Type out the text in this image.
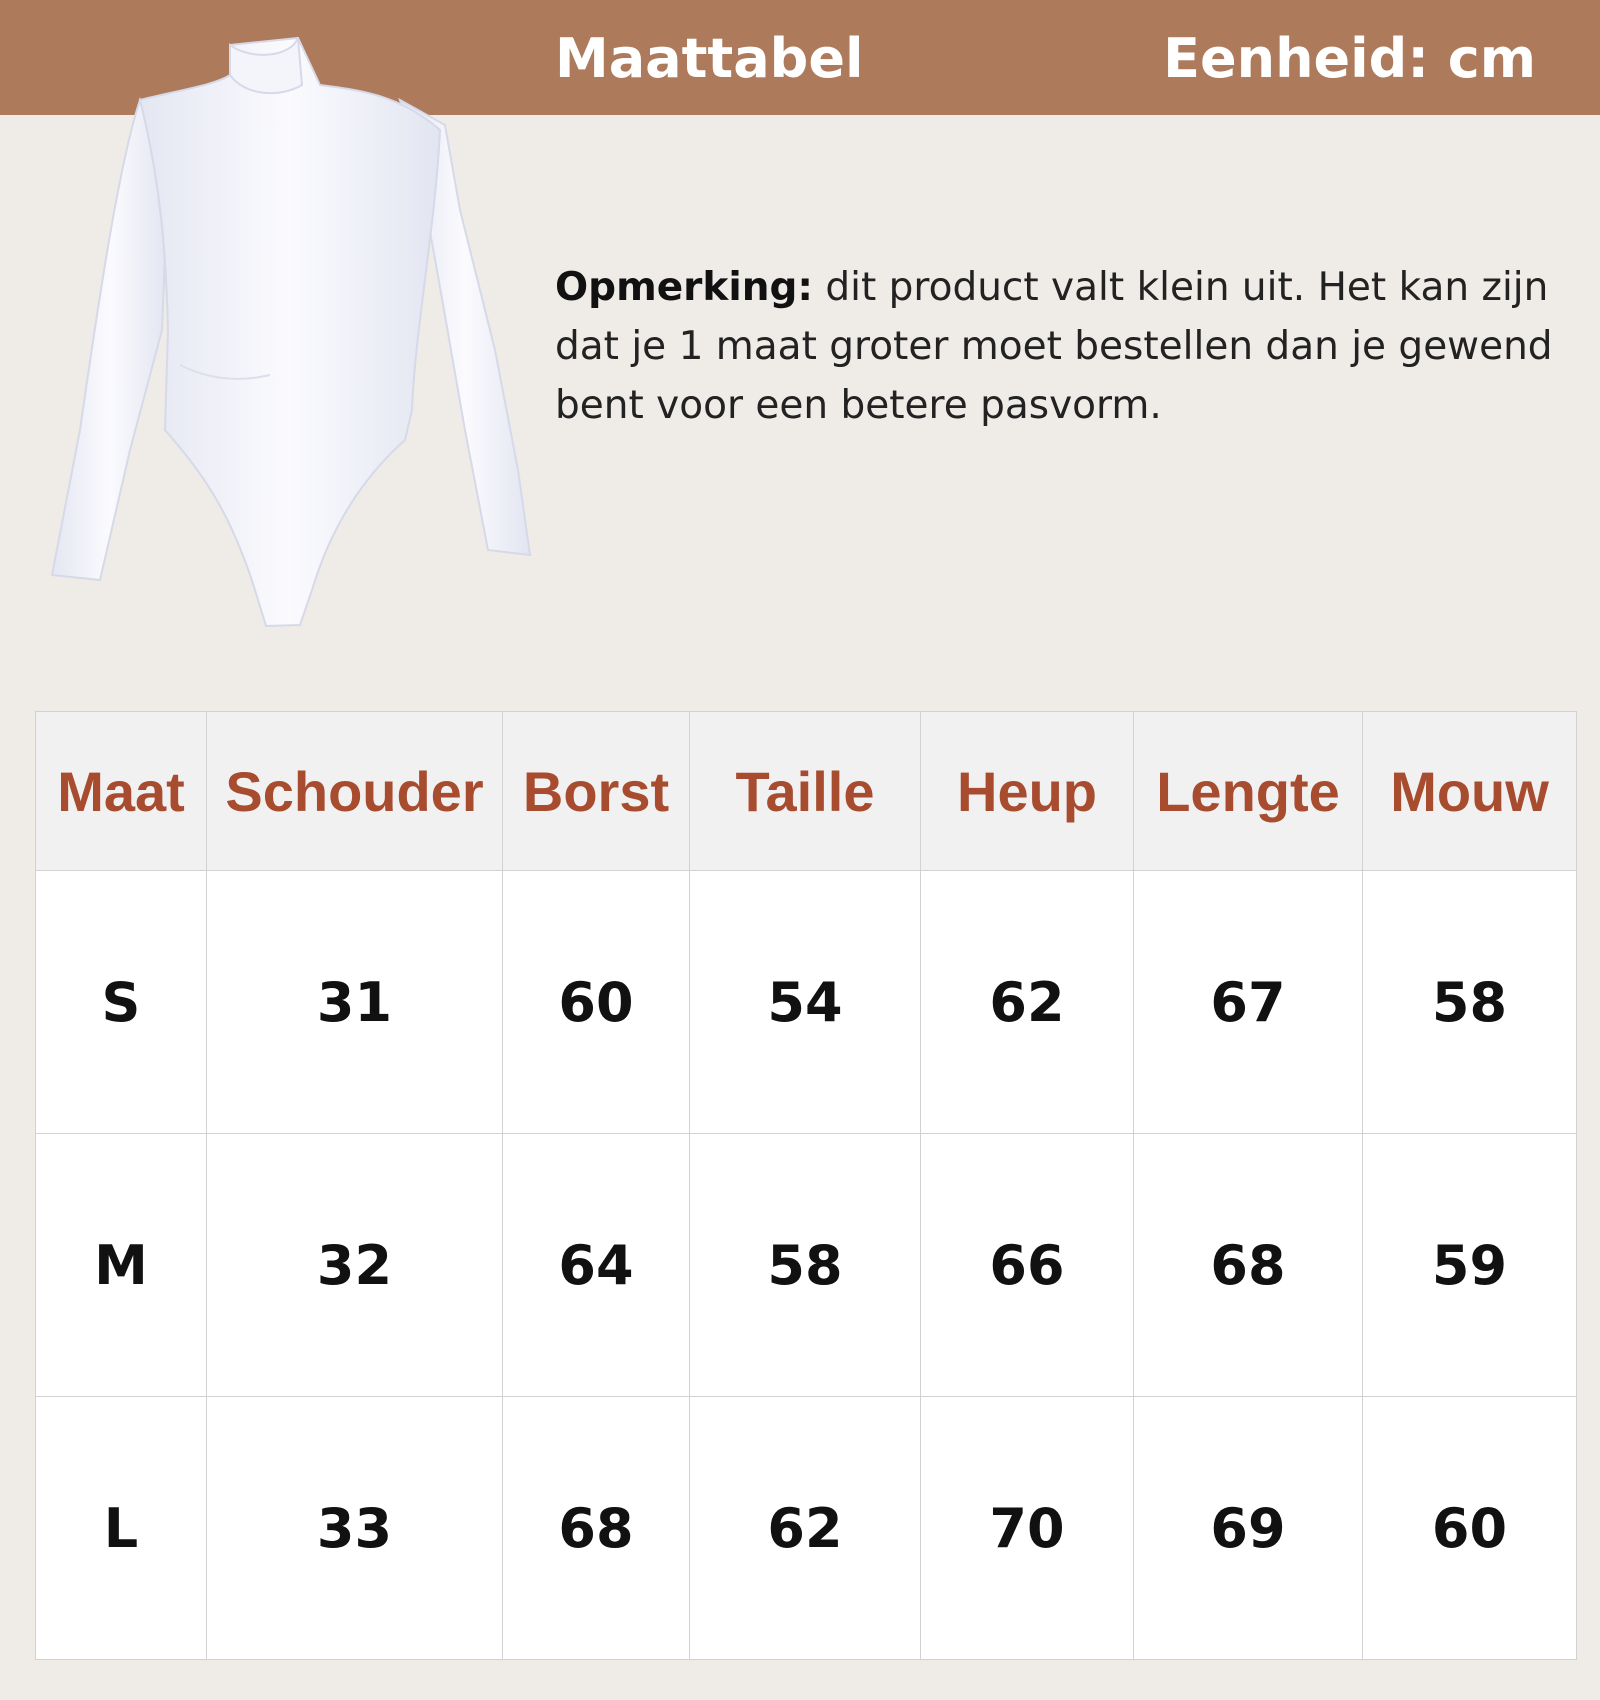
Maattabel	Eenheid: cm
Opmerking: dit product valt klein uit. Het kan zijn dat je 1 maat groter moet bestellen dan je gewend bent voor een betere pasvorm.
Maat	Schouder	Borst	Taille	Heup	Lengte	Mouw
S	31	60	54	62	67	58
M	32	64	58	66	68	59
L	33	68	62	70	69	60
